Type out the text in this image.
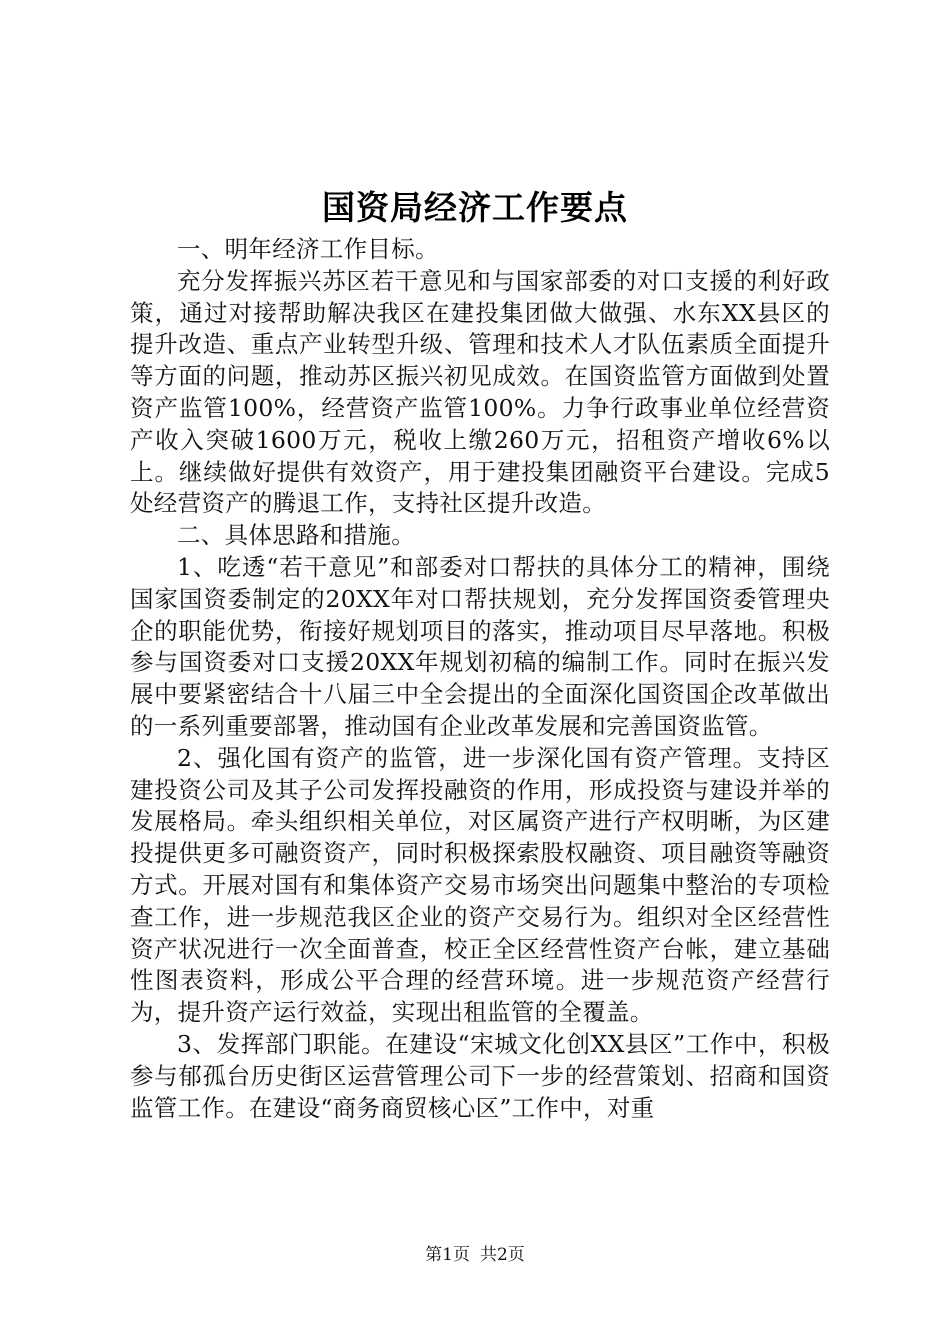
国资局经济工作要点

一、明年经济工作目标。

充分发挥振兴苏区若干意见和与国家部委的对口支援的利好政策，通过对接帮助解决我区在建投集团做大做强、水东XX县区的提升改造、重点产业转型升级、管理和技术人才队伍素质全面提升等方面的问题，推动苏区振兴初见成效。在国资监管方面做到处置资产监管100%，经营资产监管100%。力争行政事业单位经营资产收入突破1600万元，税收上缴260万元，招租资产增收6%以上。继续做好提供有效资产，用于建投集团融资平台建设。完成5处经营资产的腾退工作，支持社区提升改造。

二、具体思路和措施。

1、吃透“若干意见”和部委对口帮扶的具体分工的精神，围绕国家国资委制定的20XX年对口帮扶规划，充分发挥国资委管理央企的职能优势，衔接好规划项目的落实，推动项目尽早落地。积极参与国资委对口支援20XX年规划初稿的编制工作。同时在振兴发展中要紧密结合十八届三中全会提出的全面深化国资国企改革做出的一系列重要部署，推动国有企业改革发展和完善国资监管。

2、强化国有资产的监管，进一步深化国有资产管理。支持区建投资公司及其子公司发挥投融资的作用，形成投资与建设并举的发展格局。牵头组织相关单位，对区属资产进行产权明晰，为区建投提供更多可融资资产，同时积极探索股权融资、项目融资等融资方式。开展对国有和集体资产交易市场突出问题集中整治的专项检查工作，进一步规范我区企业的资产交易行为。组织对全区经营性资产状况进行一次全面普查，校正全区经营性资产台帐，建立基础性图表资料，形成公平合理的经营环境。进一步规范资产经营行为，提升资产运行效益，实现出租监管的全覆盖。

3、发挥部门职能。在建设“宋城文化创XX县区”工作中，积极参与郁孤台历史街区运营管理公司下一步的经营策划、招商和国资监管工作。在建设“商务商贸核心区”工作中，对重

第1页 共2页
